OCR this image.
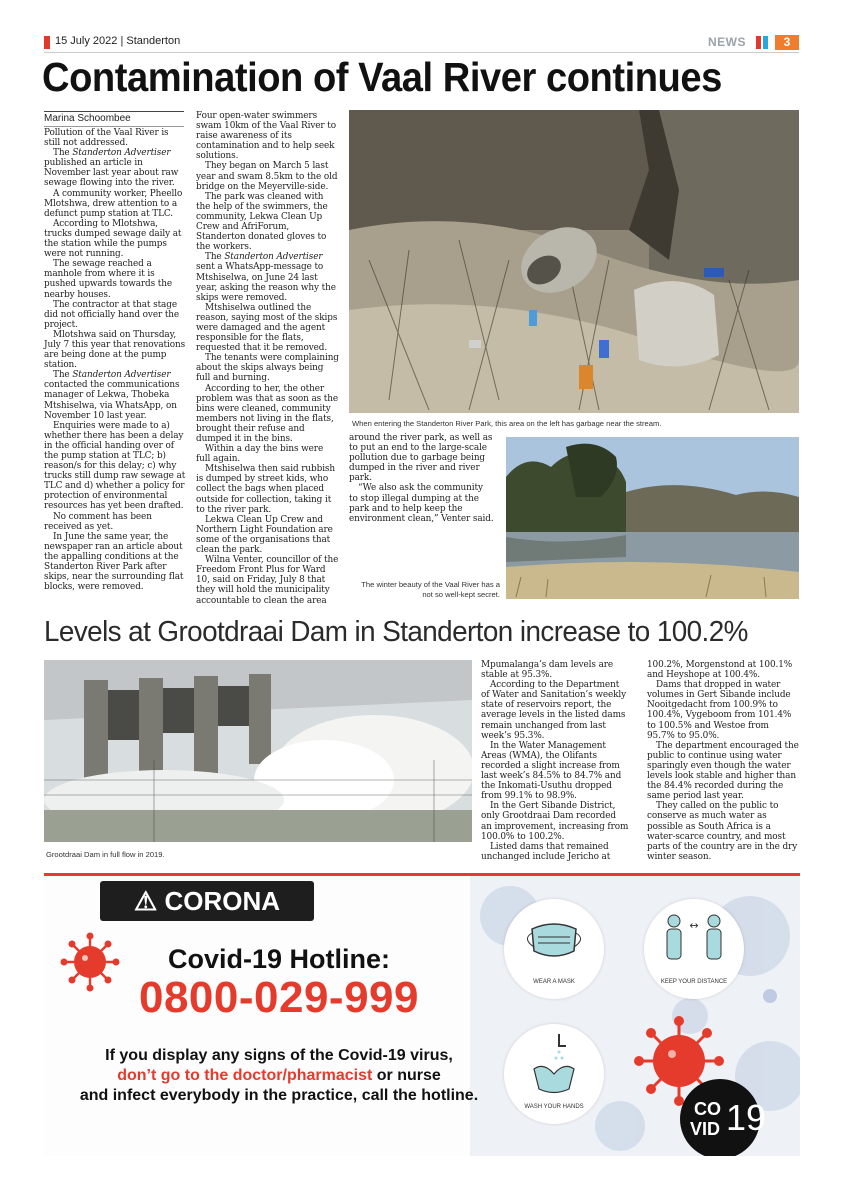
15 July 2022 | Standerton	NEWS	3
Contamination of Vaal River continues
Marina Schoombee

Pollution of the Vaal River is still not addressed.

The Standerton Advertiser published an article in November last year about raw sewage flowing into the river.

A community worker, Pheello Mlotshwa, drew attention to a defunct pump station at TLC.

According to Mlotshwa, trucks dumped sewage daily at the station while the pumps were not running.

The sewage reached a manhole from where it is pushed upwards towards the nearby houses.

The contractor at that stage did not officially hand over the project.

Mlotshwa said on Thursday, July 7 this year that renovations are being done at the pump station.

The Standerton Advertiser contacted the communications manager of Lekwa, Thobeka Mtshiselwa, via WhatsApp, on November 10 last year.

Enquiries were made to a) whether there has been a delay in the official handing over of the pump station at TLC; b) reason/s for this delay; c) why trucks still dump raw sewage at TLC and d) whether a policy for protection of environmental resources has yet been drafted.

No comment has been received as yet.

In June the same year, the newspaper ran an article about the appalling conditions at the Standerton River Park after skips, near the surrounding flat blocks, were removed.

Four open-water swimmers swam 10km of the Vaal River to raise awareness of its contamination and to help seek solutions.

They began on March 5 last year and swam 8.5km to the old bridge on the Meyerville-side.

The park was cleaned with the help of the swimmers, the community, Lekwa Clean Up Crew and AfriForum, Standerton donated gloves to the workers.

The Standerton Advertiser sent a WhatsApp-message to Mtshiselwa, on June 24 last year, asking the reason why the skips were removed.

Mtshiselwa outlined the reason, saying most of the skips were damaged and the agent responsible for the flats, requested that it be removed.

The tenants were complaining about the skips always being full and burning.

According to her, the other problem was that as soon as the bins were cleaned, community members not living in the flats, brought their refuse and dumped it in the bins.

Within a day the bins were full again.

Mtshiselwa then said rubbish is dumped by street kids, who collect the bags when placed outside for collection, taking it to the river park.

Lekwa Clean Up Crew and Northern Light Foundation are some of the organisations that clean the park.

Wilna Venter, councillor of the Freedom Front Plus for Ward 10, said on Friday, July 8 that they will hold the municipality accountable to clean the area

around the river park, as well as to put an end to the large-scale pollution due to garbage being dumped in the river and river park.

“We also ask the community to stop illegal dumping at the park and to help keep the environment clean,” Venter said.

When entering the Standerton River Park, this area on the left has garbage near the stream.
The winter beauty of the Vaal River has a not so well-kept secret.
Levels at Grootdraai Dam in Standerton increase to 100.2%
Grootdraai Dam in full flow in 2019.

Mpumalanga’s dam levels are stable at 95.3%.

According to the Department of Water and Sanitation’s weekly state of reservoirs report, the average levels in the listed dams remain unchanged from last week’s 95.3%.

In the Water Management Areas (WMA), the Olifants recorded a slight increase from last week’s 84.5% to 84.7% and the Inkomati-Usuthu dropped from 99.1% to 98.9%.

In the Gert Sibande District, only Grootdraai Dam recorded an improvement, increasing from 100.0% to 100.2%.

Listed dams that remained unchanged include Jericho at

100.2%, Morgenstond at 100.1% and Heyshope at 100.4%.

Dams that dropped in water volumes in Gert Sibande include Nooitgedacht from 100.9% to 100.4%, Vygeboom from 101.4% to 100.5% and Westoe from 95.7% to 95.0%.

The department encouraged the public to continue using water sparingly even though the water levels look stable and higher than the 84.4% recorded during the same period last year.

They called on the public to conserve as much water as possible as South Africa is a water-scarce country, and most parts of the country are in the dry winter season.

⚠ CORONA
Covid-19 Hotline:
0800-029-999
If you display any signs of the Covid-19 virus,
don’t go to the doctor/pharmacist or nurse
and infect everybody in the practice, call the hotline.
WEAR A MASK
↔
KEEP YOUR DISTANCE
WASH YOUR HANDS	CO
VID 19
